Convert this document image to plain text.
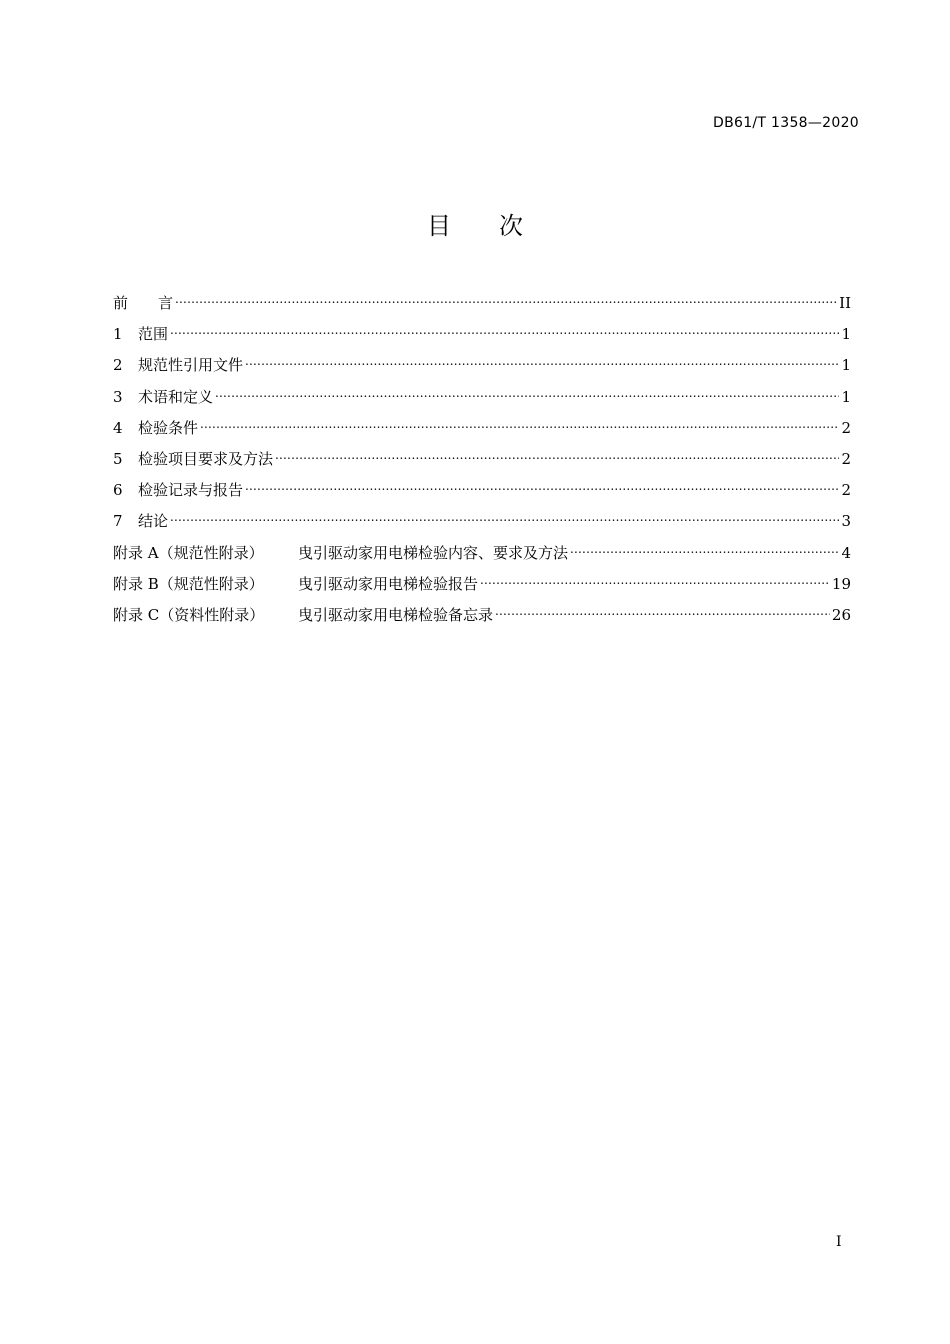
DB61/T 1358—2020
目次
前言 .....	II
1 范围 .....	1
2 规范性引用文件 .....	1
3 术语和定义 .....	1
4 检验条件 .....	2
5 检验项目要求及方法 .....	2
6 检验记录与报告 .....	2
7 结论 .....	3
附录 A（规范性附录） 曳引驱动家用电梯检验内容、要求及方法 .....	4
附录 B（规范性附录） 曳引驱动家用电梯检验报告 .....	19
附录 C（资料性附录） 曳引驱动家用电梯检验备忘录 .....	26
I
